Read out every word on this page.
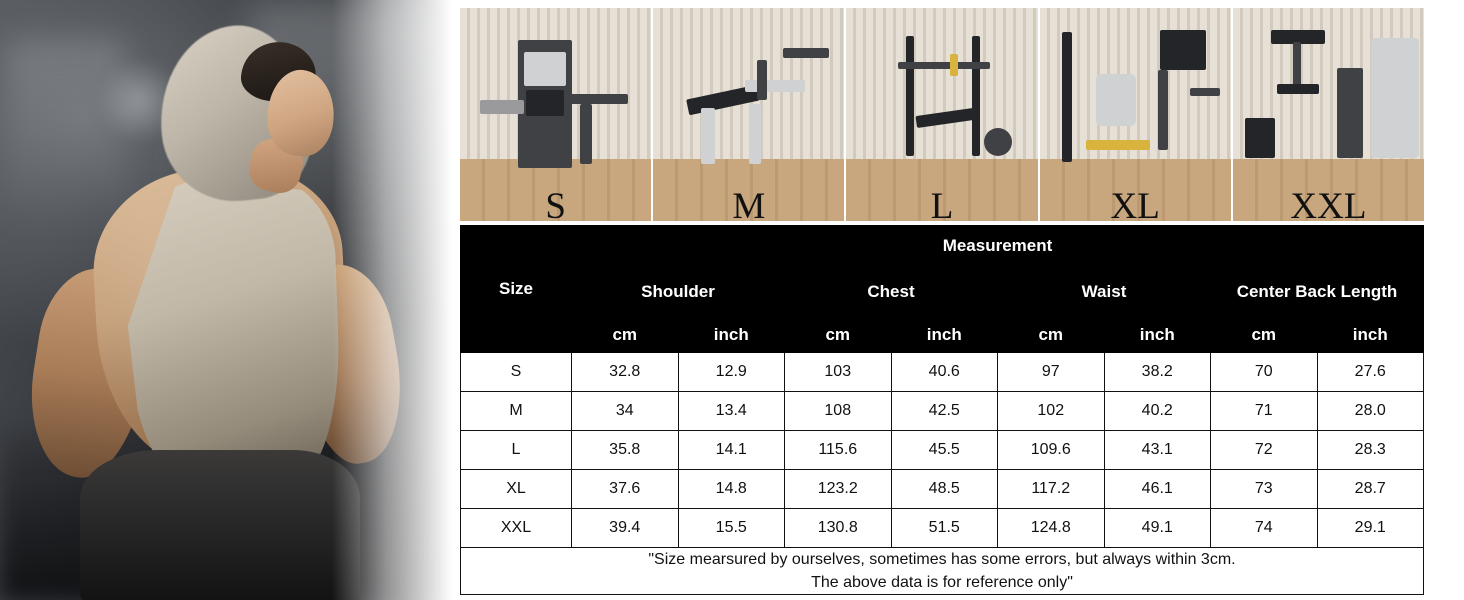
S	M	L	XL	XXL
Size	Measurement							
	Shoulder		Chest		Waist		Center Back Length	
	cm	inch	cm	inch	cm	inch	cm	inch
S	32.8	12.9	103	40.6	97	38.2	70	27.6
M	34	13.4	108	42.5	102	40.2	71	28.0
L	35.8	14.1	115.6	45.5	109.6	43.1	72	28.3
XL	37.6	14.8	123.2	48.5	117.2	46.1	73	28.7
XXL	39.4	15.5	130.8	51.5	124.8	49.1	74	29.1

"Size mearsured by ourselves, sometimes has some errors, but always within 3cm.
The above data is for reference only"								
